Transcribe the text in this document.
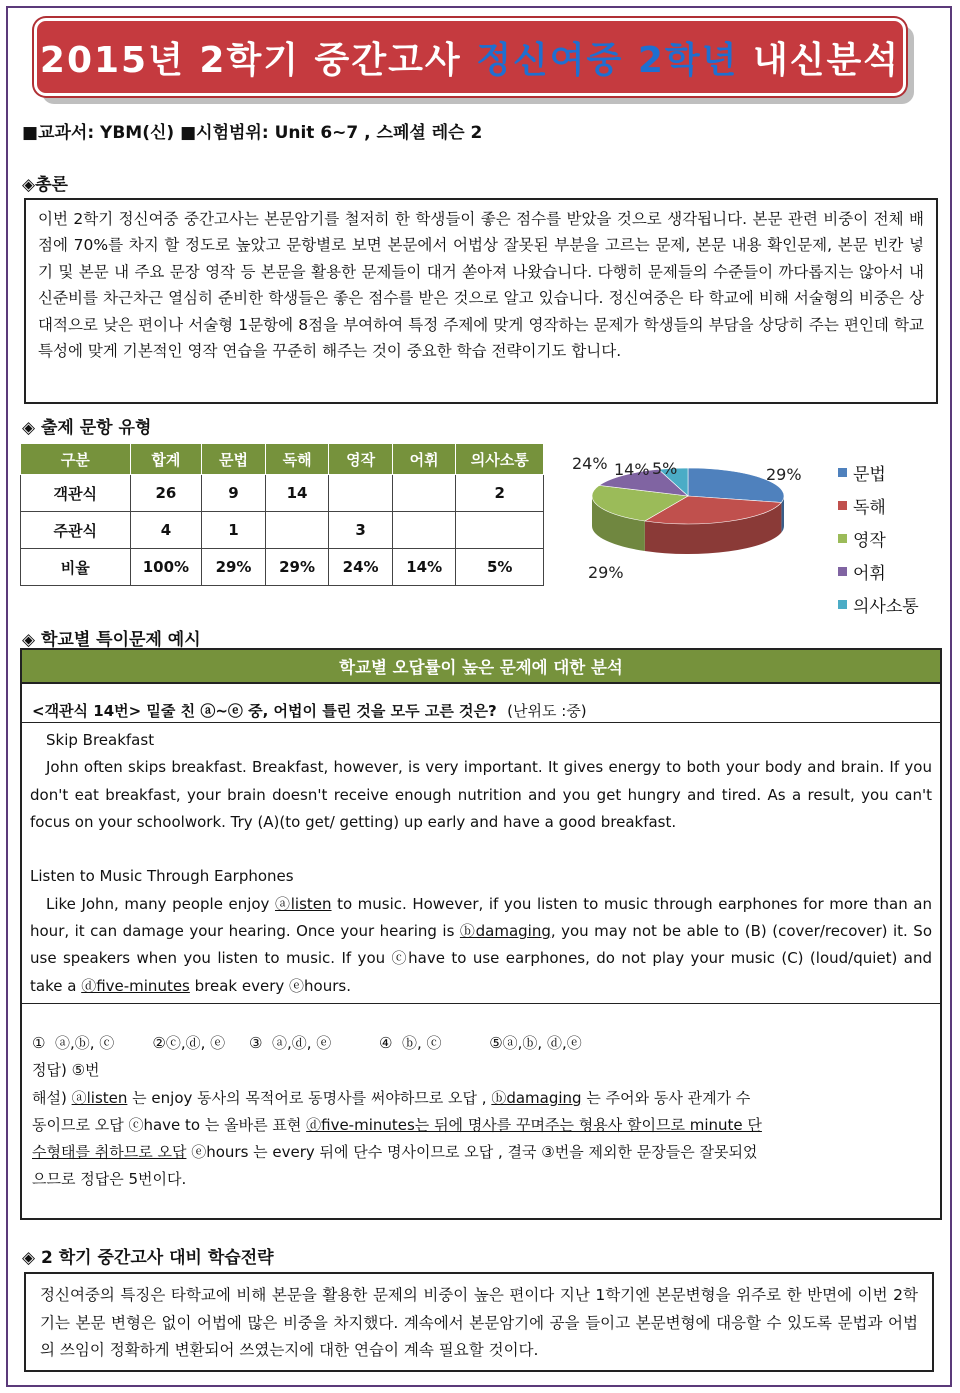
2015년 2학기 중간고사 정신여중 2학년 내신분석
■교과서: YBM(신) ■시험범위: Unit 6~7 , 스페셜 레슨 2
◈총론
이번 2학기 정신여중 중간고사는 본문암기를 철저히 한 학생들이 좋은 점수를 받았을 것으로 생각됩니다. 본문 관련 비중이 전체 배점에 70%를 차지 할 정도로 높았고 문항별로 보면 본문에서 어법상 잘못된 부분을 고르는 문제, 본문 내용 확인문제, 본문 빈칸 넣기 및 본문 내 주요 문장 영작 등 본문을 활용한 문제들이 대거 쏟아져 나왔습니다. 다행히 문제들의 수준들이 까다롭지는 않아서 내신준비를 차근차근 열심히 준비한 학생들은 좋은 점수를 받은 것으로 알고 있습니다. 정신여중은 타 학교에 비해 서술형의 비중은 상대적으로 낮은 편이나 서술형 1문항에 8점을 부여하여 특정 주제에 맞게 영작하는 문제가 학생들의 부담을 상당히 주는 편인데 학교 특성에 맞게 기본적인 영작 연습을 꾸준히 해주는 것이 중요한 학습 전략이기도 합니다.
◈ 출제 문항 유형
구분	합계	문법	독해	영작	어휘	의사소통
객관식	26	9	14			2
주관식	4	1		3		
비율	100%	29%	29%	24%	14%	5%
29%
29%
24% 14% 5%	문법
독해
영작
어휘
의사소통
◈ 학교별 특이문제 예시
학교별 오답률이 높은 문제에 대한 분석
<객관식 14번> 밑줄 친 ⓐ~ⓔ 중, 어법이 틀린 것을 모두 고른 것은? (난위도 :중)

Skip Breakfast

John often skips breakfast. Breakfast, however, is very important. It gives energy to both your body and brain. If you don't eat breakfast, your brain doesn't receive enough nutrition and you get hungry and tired. As a result, you can't focus on your schoolwork. Try (A)(to get/ getting) up early and have a good breakfast.

Listen to Music Through Earphones

Like John, many people enjoy ⓐlisten to music. However, if you listen to music through earphones for more than an hour, it can damage your hearing. Once your hearing is ⓑdamaging, you may not be able to (B) (cover/recover) it. So use speakers when you listen to music. If you ⓒhave to use earphones, do not play your music (C) (loud/quiet) and take a ⓓfive-minutes break every ⓔhours.

①  ⓐ,ⓑ, ⓒ        ②ⓒ,ⓓ, ⓔ     ③  ⓐ,ⓓ, ⓔ          ④  ⓑ, ⓒ          ⑤ⓐ,ⓑ, ⓓ,ⓔ

정답) ⑤번

해설) ⓐlisten 는 enjoy 동사의 목적어로 동명사를 써야하므로 오답 , ⓑdamaging 는 주어와 동사 관계가 수동이므로 오답 ⓒhave to 는 올바른 표현 ⓓfive-minutes는 뒤에 명사를 꾸며주는 형용사 할이므로 minute 단수형태를 취하므로 오답 ⓔhours 는 every 뒤에 단수 명사이므로 오답 , 결국 ③번을 제외한 문장들은 잘못되었으므로 정답은 5번이다.

◈ 2 학기 중간고사 대비 학습전략
정신여중의 특징은 타학교에 비해 본문을 활용한 문제의 비중이 높은 편이다 지난 1학기엔 본문변형을 위주로 한 반면에 이번 2학기는 본문 변형은 없이 어법에 많은 비중을 차지했다. 계속에서 본문암기에 공을 들이고 본문변형에 대응할 수 있도록 문법과 어법의 쓰임이 정확하게 변환되어 쓰였는지에 대한 연습이 계속 필요할 것이다.
